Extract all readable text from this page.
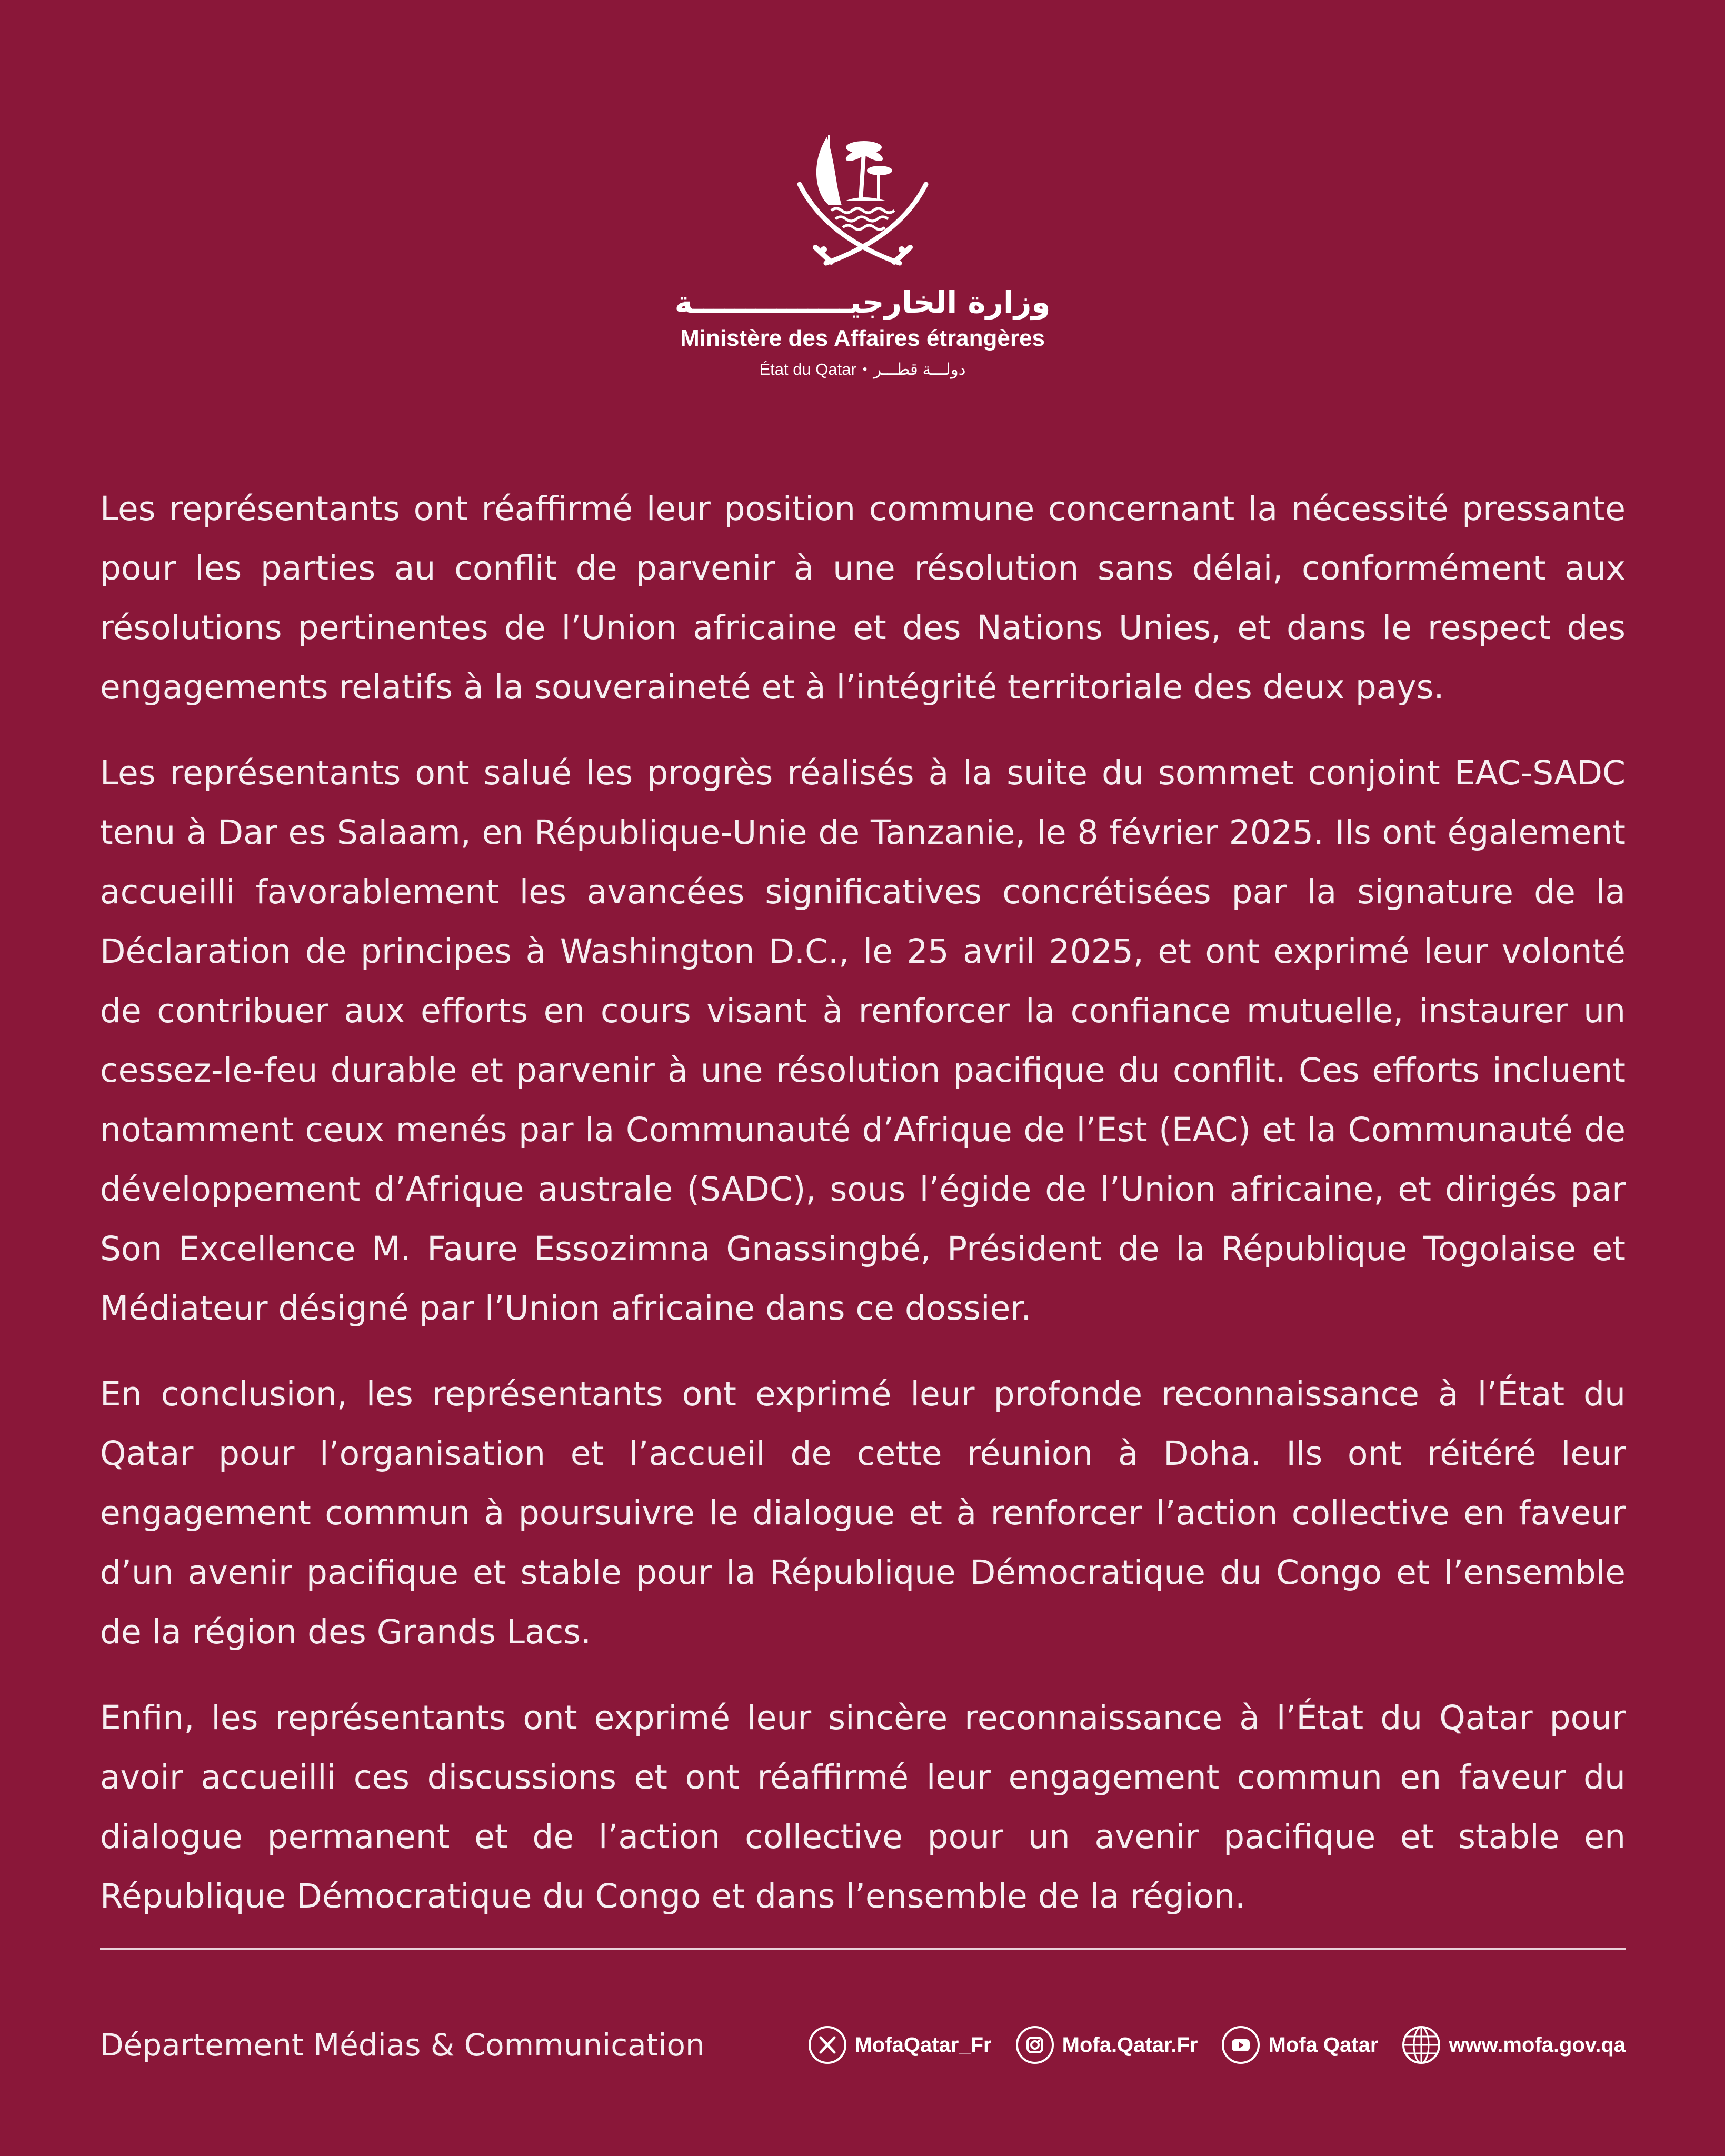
وزارة الخارجيـــــــــــــــة
Ministère des Affaires étrangères
État du Qatar • دولـــة قطـــر

Les représentants ont réaffirmé leur position commune concernant la nécessité pressante pour les parties au conflit de parvenir à une résolution sans délai, conformément aux résolutions pertinentes de l’Union africaine et des Nations Unies, et dans le respect des engagements relatifs à la souveraineté et à l’intégrité territoriale des deux pays.

Les représentants ont salué les progrès réalisés à la suite du sommet conjoint EAC-SADC tenu à Dar es Salaam, en République-Unie de Tanzanie, le 8 février 2025. Ils ont également accueilli favorablement les avancées significatives concrétisées par la signature de la Déclaration de principes à Washington D.C., le 25 avril 2025, et ont exprimé leur volonté de contribuer aux efforts en cours visant à renforcer la confiance mutuelle, instaurer un cessez-le-feu durable et parvenir à une résolution pacifique du conflit. Ces efforts incluent notamment ceux menés par la Communauté d’Afrique de l’Est (EAC) et la Communauté de développement d’Afrique australe (SADC), sous l’égide de l’Union africaine, et dirigés par Son Excellence M. Faure Essozimna Gnassingbé, Président de la République Togolaise et Médiateur désigné par l’Union africaine dans ce dossier.

En conclusion, les représentants ont exprimé leur profonde reconnaissance à l’État du Qatar pour l’organisation et l’accueil de cette réunion à Doha. Ils ont réitéré leur engagement commun à poursuivre le dialogue et à renforcer l’action collective en faveur d’un avenir pacifique et stable pour la République Démocratique du Congo et l’ensemble de la région des Grands Lacs.

Enfin, les représentants ont exprimé leur sincère reconnaissance à l’État du Qatar pour avoir accueilli ces discussions et ont réaffirmé leur engagement commun en faveur du dialogue permanent et de l’action collective pour un avenir pacifique et stable en République Démocratique du Congo et dans l’ensemble de la région.

Département Médias & Communication	MofaQatar_Fr	Mofa.Qatar.Fr	Mofa Qatar	www.mofa.gov.qa
